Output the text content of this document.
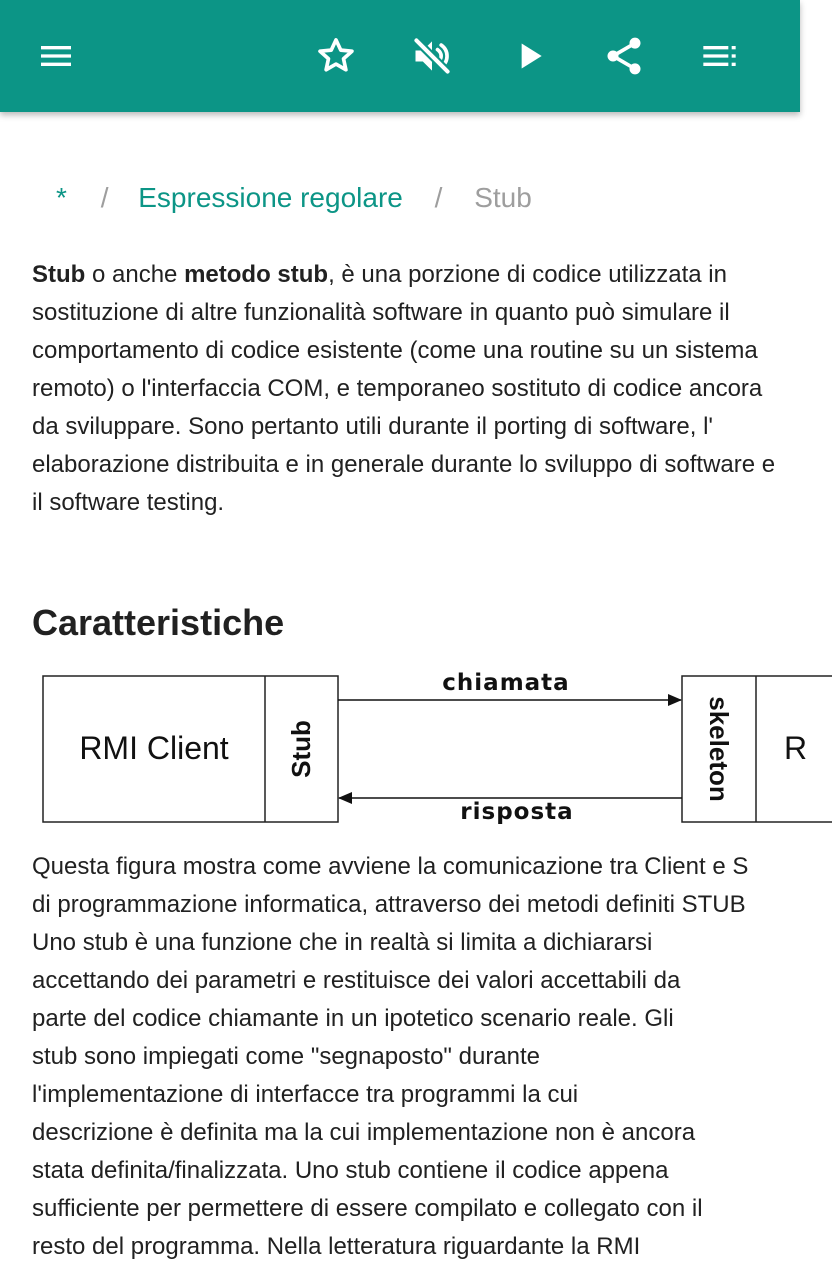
* / Espressione regolare / Stub

Stub o anche metodo stub, è una porzione di codice utilizzata in sostituzione di altre funzionalità software in quanto può simulare il comportamento di codice esistente (come una routine su un sistema remoto) o l'interfaccia COM, e temporaneo sostituto di codice ancora da sviluppare. Sono pertanto utili durante il porting di software, l' elaborazione distribuita e in generale durante lo sviluppo di software e il software testing.

Caratteristiche
RMI Client Stub	skeleton R
chiamata
risposta
Questa figura mostra come avviene la comunicazione tra Client e S
di programmazione informatica, attraverso dei metodi definiti STUB
Uno stub è una funzione che in realtà si limita a dichiararsi
accettando dei parametri e restituisce dei valori accettabili da
parte del codice chiamante in un ipotetico scenario reale. Gli
stub sono impiegati come "segnaposto" durante
l'implementazione di interfacce tra programmi la cui
descrizione è definita ma la cui implementazione non è ancora
stata definita/finalizzata. Uno stub contiene il codice appena
sufficiente per permettere di essere compilato e collegato con il
resto del programma. Nella letteratura riguardante la RMI
